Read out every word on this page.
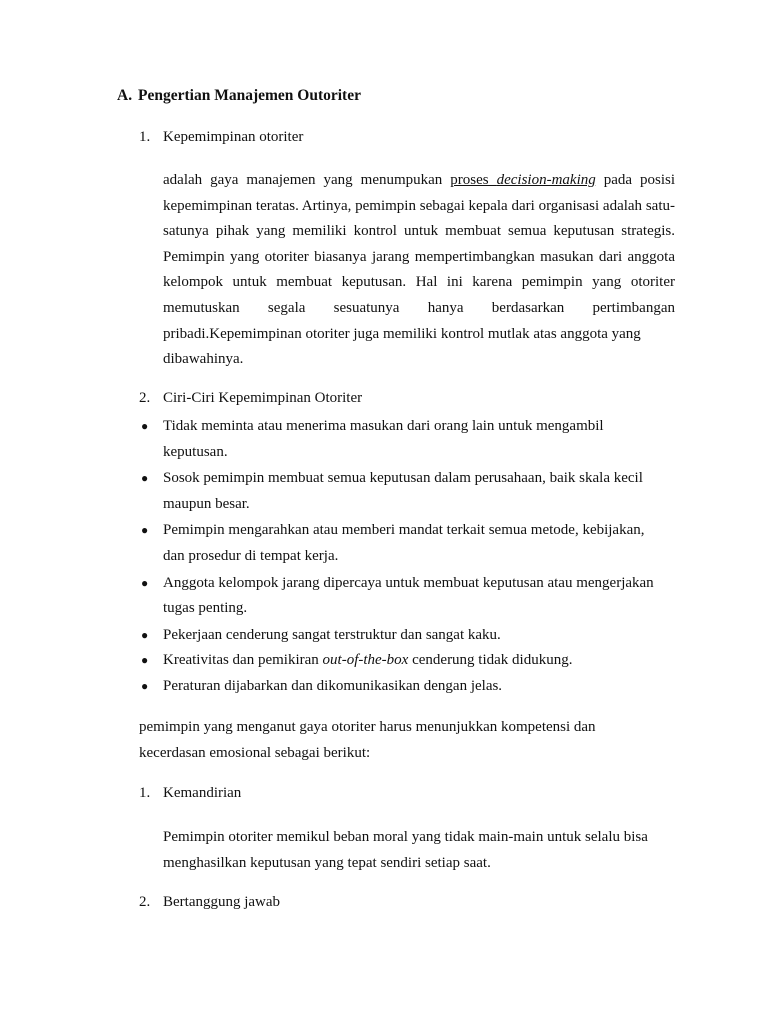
A. Pengertian Manajemen Outoriter
1. Kepemimpinan otoriter
adalah gaya manajemen yang menumpukan proses decision-making pada posisi kepemimpinan teratas. Artinya, pemimpin sebagai kepala dari organisasi adalah satu-satunya pihak yang memiliki kontrol untuk membuat semua keputusan strategis. Pemimpin yang otoriter biasanya jarang mempertimbangkan masukan dari anggota kelompok untuk membuat keputusan. Hal ini karena pemimpin yang otoriter memutuskan segala sesuatunya hanya berdasarkan pertimbangan pribadi.Kepemimpinan otoriter juga memiliki kontrol mutlak atas anggota yang
dibawahinya.
2. Ciri-Ciri Kepemimpinan Otoriter
● Tidak meminta atau menerima masukan dari orang lain untuk mengambil
keputusan.
● Sosok pemimpin membuat semua keputusan dalam perusahaan, baik skala kecil
maupun besar.
● Pemimpin mengarahkan atau memberi mandat terkait semua metode, kebijakan,
dan prosedur di tempat kerja.
● Anggota kelompok jarang dipercaya untuk membuat keputusan atau mengerjakan
tugas penting.
● Pekerjaan cenderung sangat terstruktur dan sangat kaku.
● Kreativitas dan pemikiran out-of-the-box cenderung tidak didukung.
● Peraturan dijabarkan dan dikomunikasikan dengan jelas.
pemimpin yang menganut gaya otoriter harus menunjukkan kompetensi dan
kecerdasan emosional sebagai berikut:
1. Kemandirian
Pemimpin otoriter memikul beban moral yang tidak main-main untuk selalu bisa
menghasilkan keputusan yang tepat sendiri setiap saat.
2. Bertanggung jawab
